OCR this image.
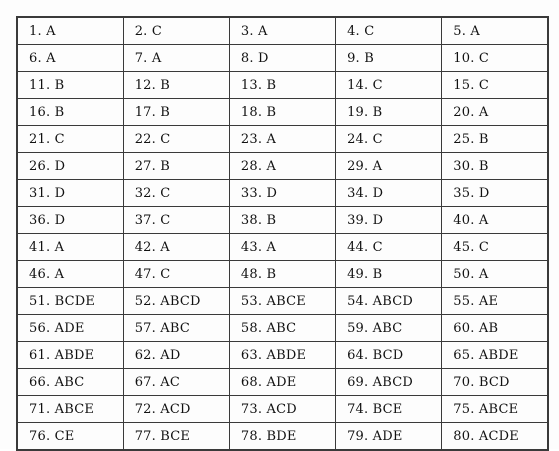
1. A	2. C	3. A	4. C	5. A
6. A	7. A	8. D	9. B	10. C
11. B	12. B	13. B	14. C	15. C
16. B	17. B	18. B	19. B	20. A
21. C	22. C	23. A	24. C	25. B
26. D	27. B	28. A	29. A	30. B
31. D	32. C	33. D	34. D	35. D
36. D	37. C	38. B	39. D	40. A
41. A	42. A	43. A	44. C	45. C
46. A	47. C	48. B	49. B	50. A
51. BCDE	52. ABCD	53. ABCE	54. ABCD	55. AE
56. ADE	57. ABC	58. ABC	59. ABC	60. AB
61. ABDE	62. AD	63. ABDE	64. BCD	65. ABDE
66. ABC	67. AC	68. ADE	69. ABCD	70. BCD
71. ABCE	72. ACD	73. ACD	74. BCE	75. ABCE
76. CE	77. BCE	78. BDE	79. ADE	80. ACDE
